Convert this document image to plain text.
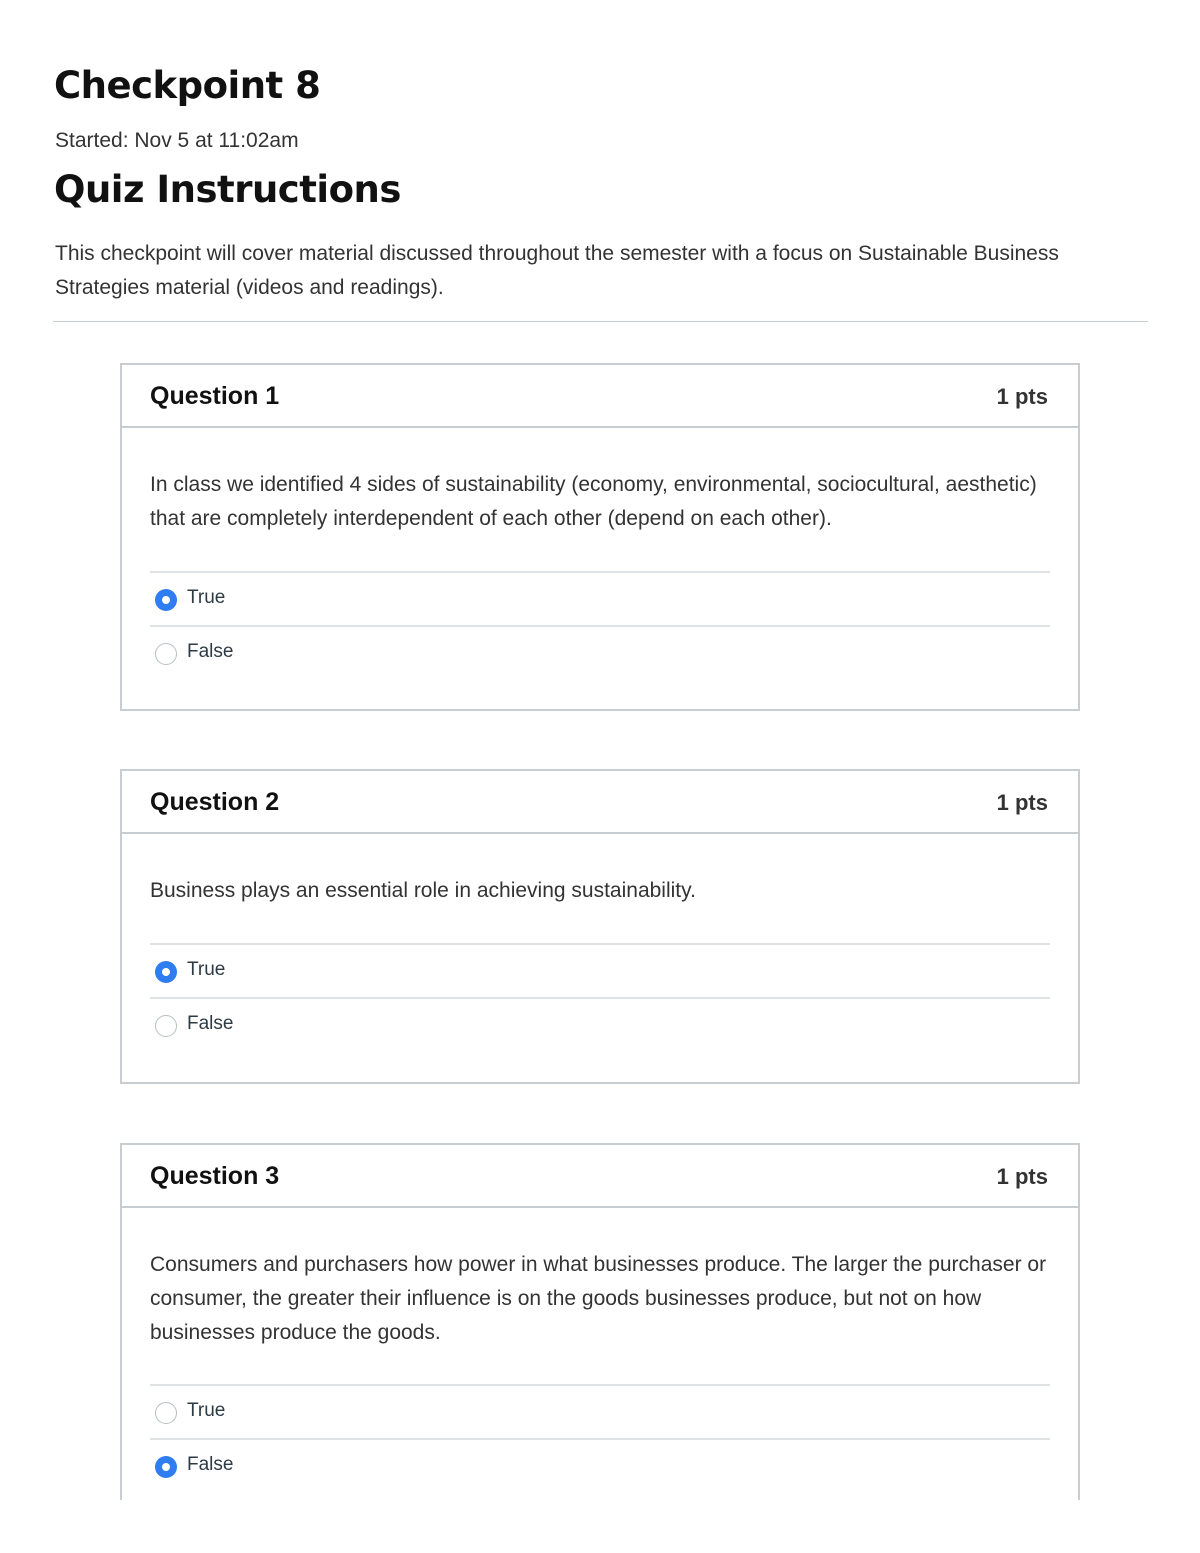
Checkpoint 8
Started: Nov 5 at 11:02am
Quiz Instructions

This checkpoint will cover material discussed throughout the semester with a focus on Sustainable Business Strategies material (videos and readings).

Question 1	1 pts

In class we identified 4 sides of sustainability (economy, environmental, sociocultural, aesthetic) that are completely interdependent of each other (depend on each other).

True
False
Question 2	1 pts

Business plays an essential role in achieving sustainability.

True
False
Question 3	1 pts

Consumers and purchasers how power in what businesses produce. The larger the purchaser or consumer, the greater their influence is on the goods businesses produce, but not on how businesses produce the goods.

True
False
